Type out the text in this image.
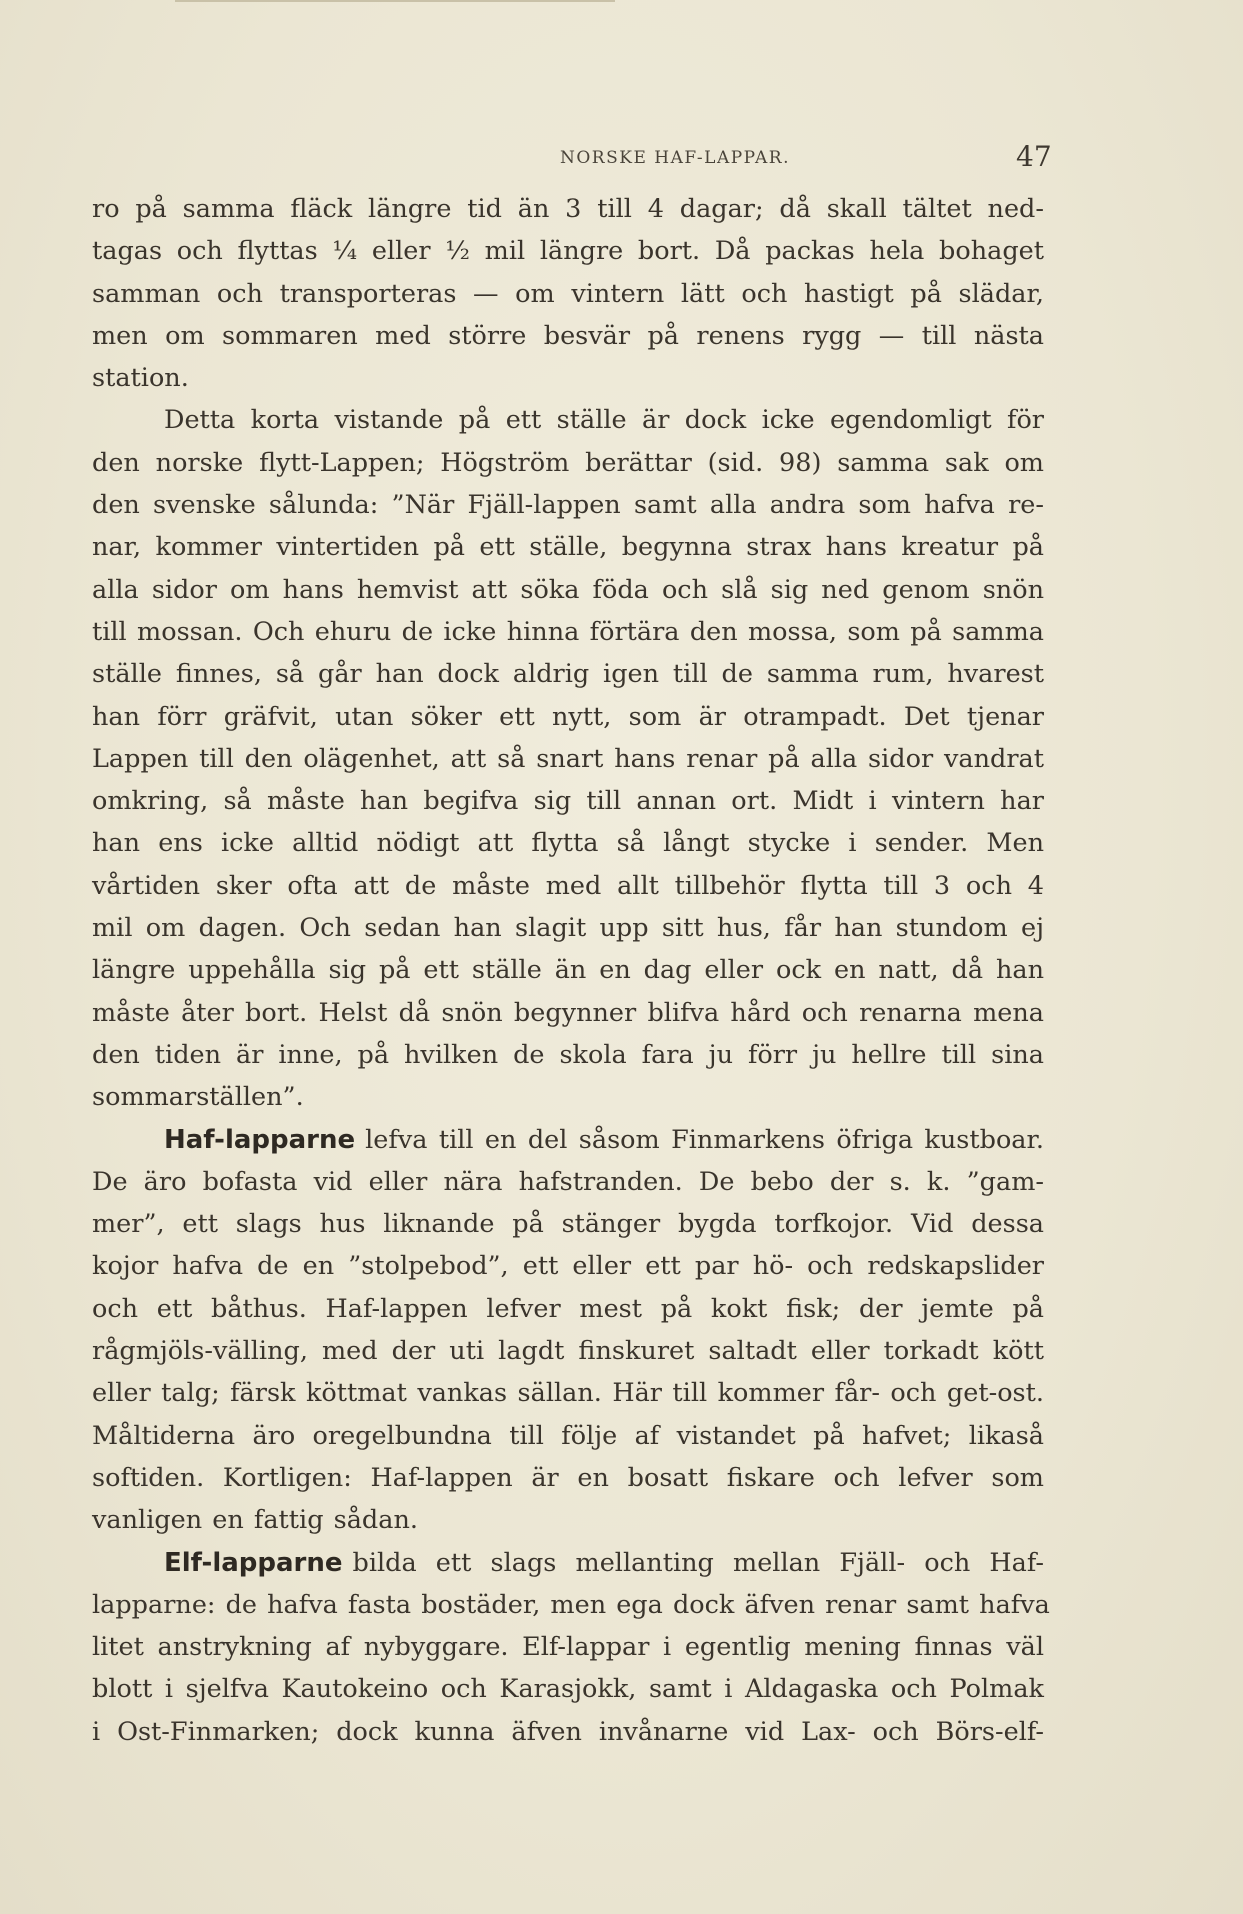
NORSKE HAF-LAPPAR.	47
ro på samma fläck längre tid än 3 till 4 dagar; då skall tältet ned-
tagas och flyttas ¼ eller ½ mil längre bort. Då packas hela bohaget
samman och transporteras — om vintern lätt och hastigt på slädar,
men om sommaren med större besvär på renens rygg — till nästa
station.
Detta korta vistande på ett ställe är dock icke egendomligt för
den norske flytt-Lappen; Högström berättar (sid. 98) samma sak om
den svenske sålunda: ”När Fjäll-lappen samt alla andra som hafva re-
nar, kommer vintertiden på ett ställe, begynna strax hans kreatur på
alla sidor om hans hemvist att söka föda och slå sig ned genom snön
till mossan. Och ehuru de icke hinna förtära den mossa, som på samma
ställe finnes, så går han dock aldrig igen till de samma rum, hvarest
han förr gräfvit, utan söker ett nytt, som är otrampadt. Det tjenar
Lappen till den olägenhet, att så snart hans renar på alla sidor vandrat
omkring, så måste han begifva sig till annan ort. Midt i vintern har
han ens icke alltid nödigt att flytta så långt stycke i sender. Men
vårtiden sker ofta att de måste med allt tillbehör flytta till 3 och 4
mil om dagen. Och sedan han slagit upp sitt hus, får han stundom ej
längre uppehålla sig på ett ställe än en dag eller ock en natt, då han
måste åter bort. Helst då snön begynner blifva hård och renarna mena
den tiden är inne, på hvilken de skola fara ju förr ju hellre till sina
sommarställen”.
Haf-lapparne lefva till en del såsom Finmarkens öfriga kustboar.
De äro bofasta vid eller nära hafstranden. De bebo der s. k. ”gam-
mer”, ett slags hus liknande på stänger bygda torfkojor. Vid dessa
kojor hafva de en ”stolpebod”, ett eller ett par hö- och redskapslider
och ett båthus. Haf-lappen lefver mest på kokt fisk; der jemte på
rågmjöls-välling, med der uti lagdt finskuret saltadt eller torkadt kött
eller talg; färsk köttmat vankas sällan. Här till kommer får- och get-ost.
Måltiderna äro oregelbundna till följe af vistandet på hafvet; likaså
softiden. Kortligen: Haf-lappen är en bosatt fiskare och lefver som
vanligen en fattig sådan.
Elf-lapparne bilda ett slags mellanting mellan Fjäll- och Haf-
lapparne: de hafva fasta bostäder, men ega dock äfven renar samt hafva
litet anstrykning af nybyggare. Elf-lappar i egentlig mening finnas väl
blott i sjelfva Kautokeino och Karasjokk, samt i Aldagaska och Polmak
i Ost-Finmarken; dock kunna äfven invånarne vid Lax- och Börs-elf-
